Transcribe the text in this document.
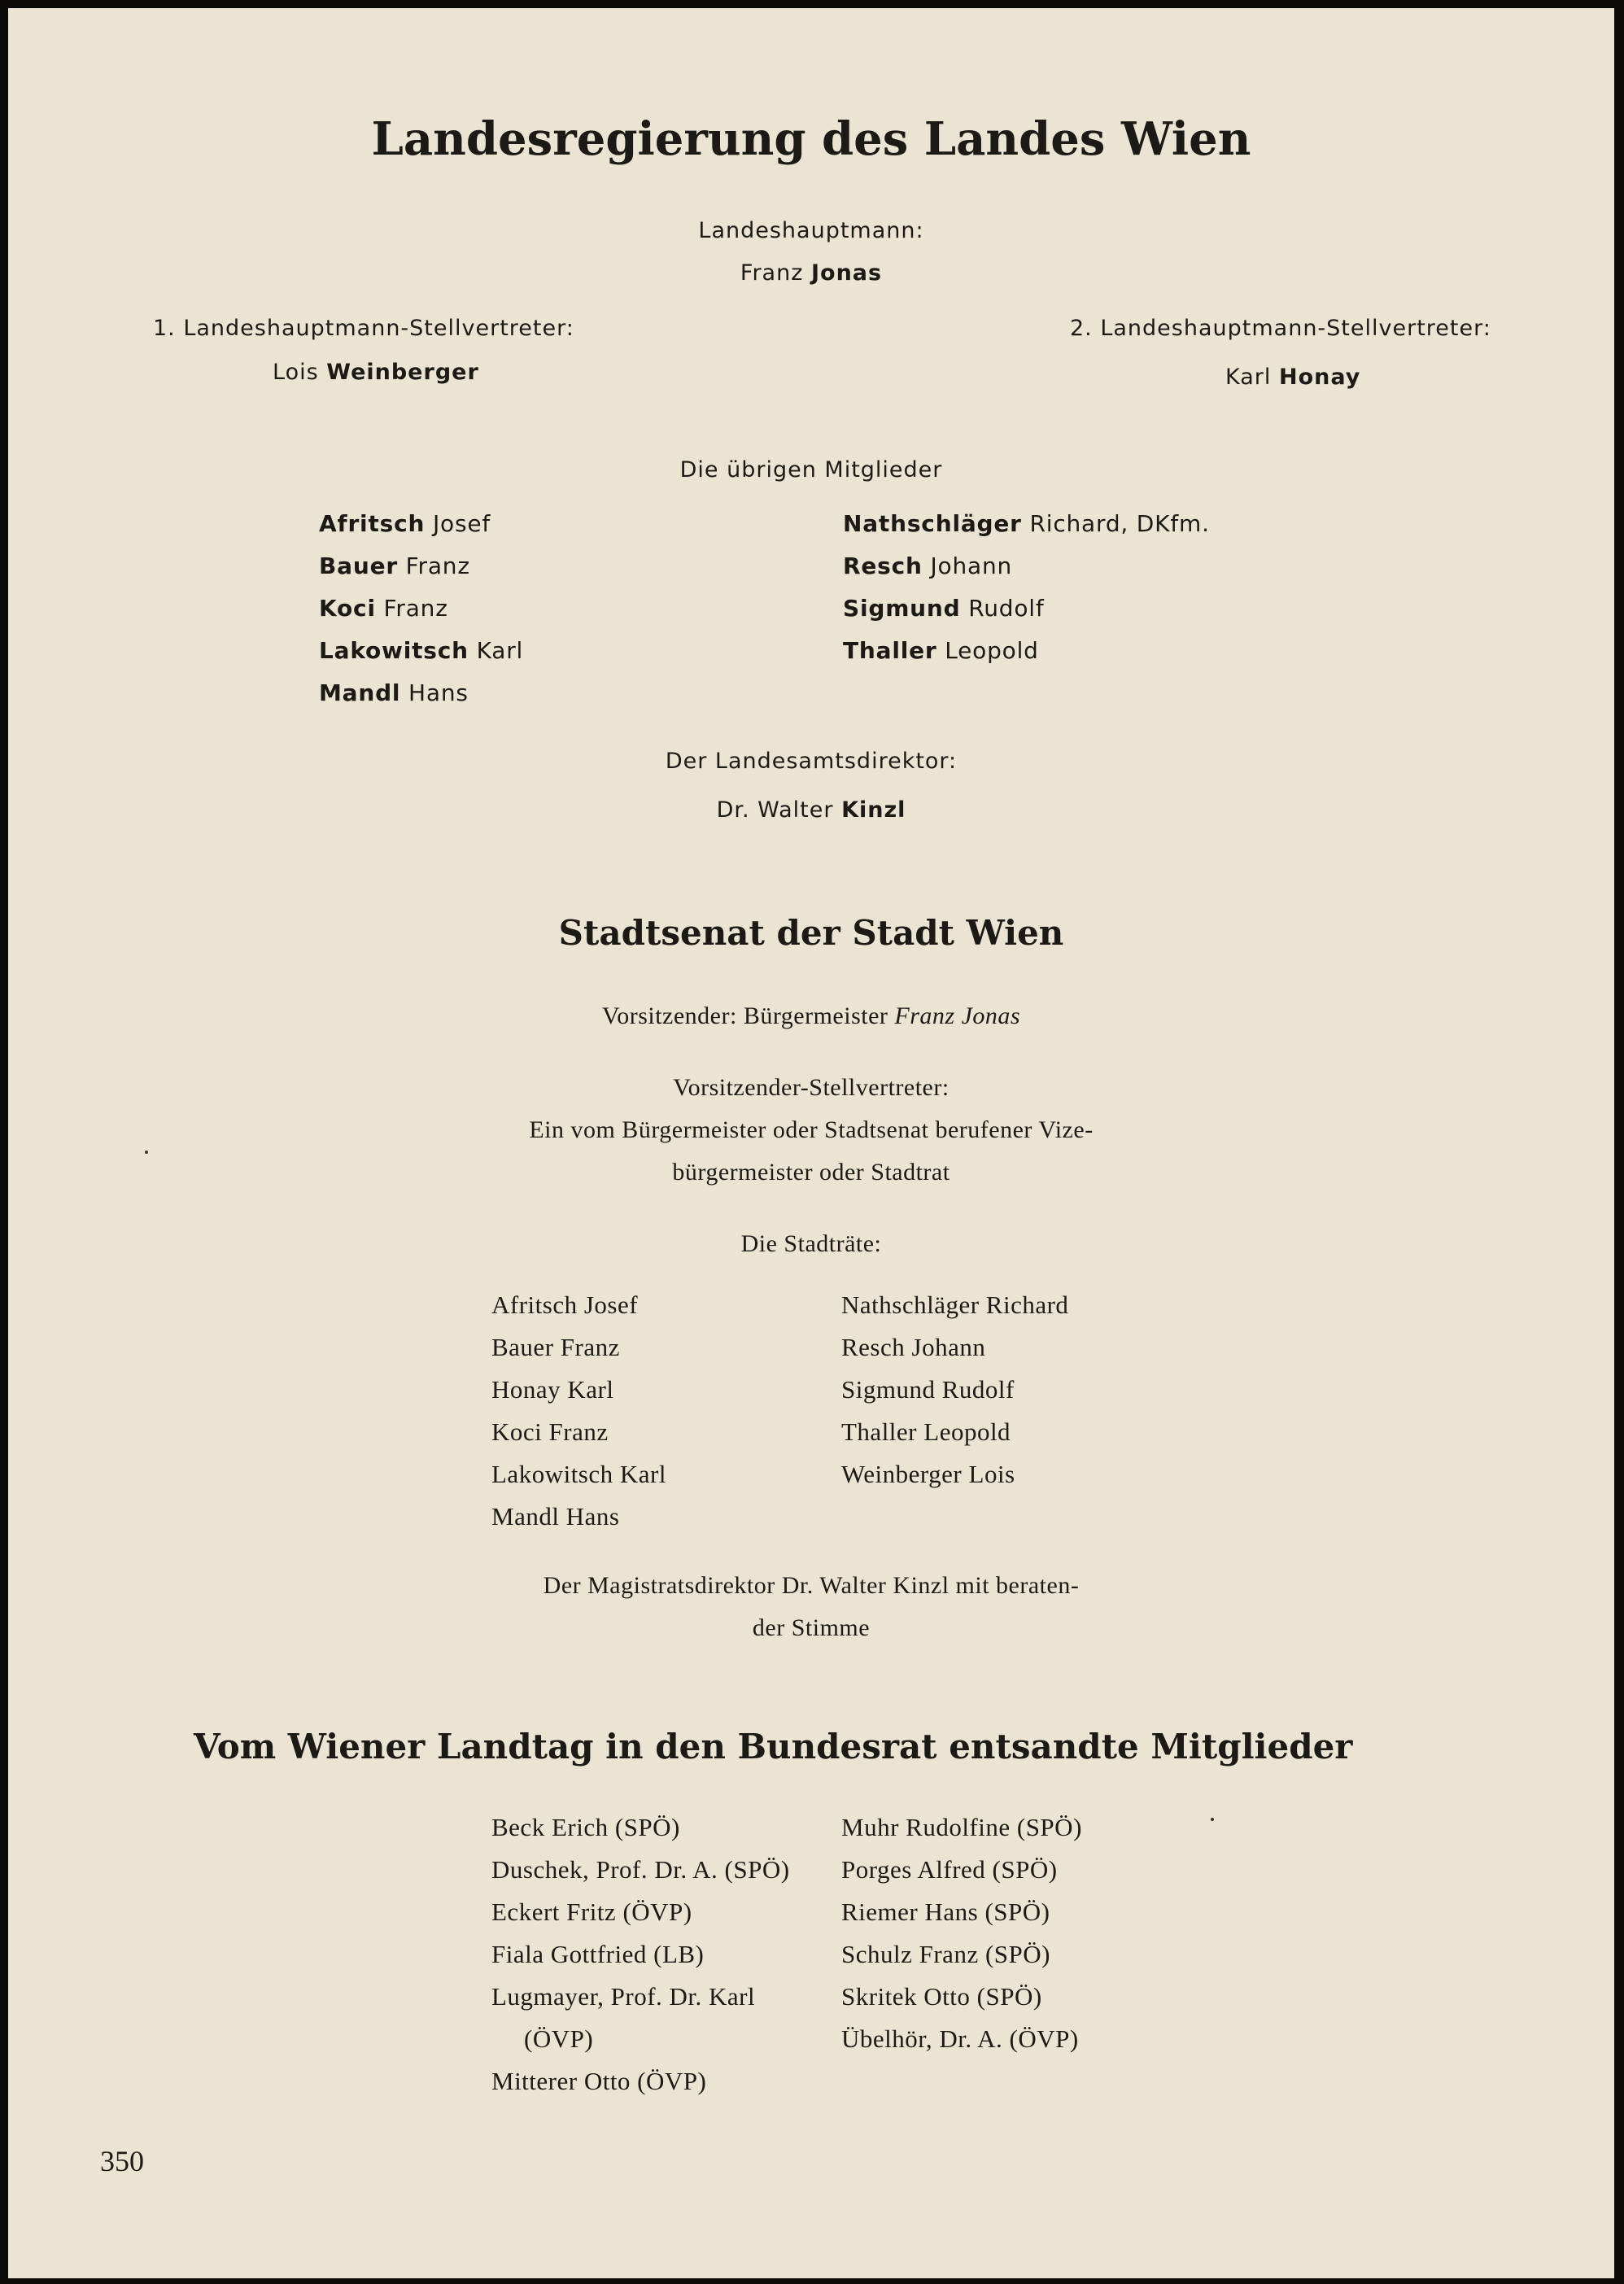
Landesregierung des Landes Wien
Landeshauptmann:
Franz Jonas
1. Landeshauptmann-Stellvertreter:
Lois Weinberger
2. Landeshauptmann-Stellvertreter:
Karl Honay
Die übrigen Mitglieder
Afritsch Josef
Bauer Franz
Koci Franz
Lakowitsch Karl
Mandl Hans
Nathschläger Richard, DKfm.
Resch Johann
Sigmund Rudolf
Thaller Leopold
Der Landesamtsdirektor:
Dr. Walter Kinzl
Stadtsenat der Stadt Wien
Vorsitzender: Bürgermeister Franz Jonas
Vorsitzender-Stellvertreter:
Ein vom Bürgermeister oder Stadtsenat berufener Vize-
bürgermeister oder Stadtrat
Die Stadträte:
Afritsch Josef
Bauer Franz
Honay Karl
Koci Franz
Lakowitsch Karl
Mandl Hans
Nathschläger Richard
Resch Johann
Sigmund Rudolf
Thaller Leopold
Weinberger Lois
Der Magistratsdirektor Dr. Walter Kinzl mit beraten-
der Stimme
Vom Wiener Landtag in den Bundesrat entsandte Mitglieder
Beck Erich (SPÖ)
Duschek, Prof. Dr. A. (SPÖ)
Eckert Fritz (ÖVP)
Fiala Gottfried (LB)
Lugmayer, Prof. Dr. Karl
(ÖVP)
Mitterer Otto (ÖVP)
Muhr Rudolfine (SPÖ)
Porges Alfred (SPÖ)
Riemer Hans (SPÖ)
Schulz Franz (SPÖ)
Skritek Otto (SPÖ)
Übelhör, Dr. A. (ÖVP)
350
